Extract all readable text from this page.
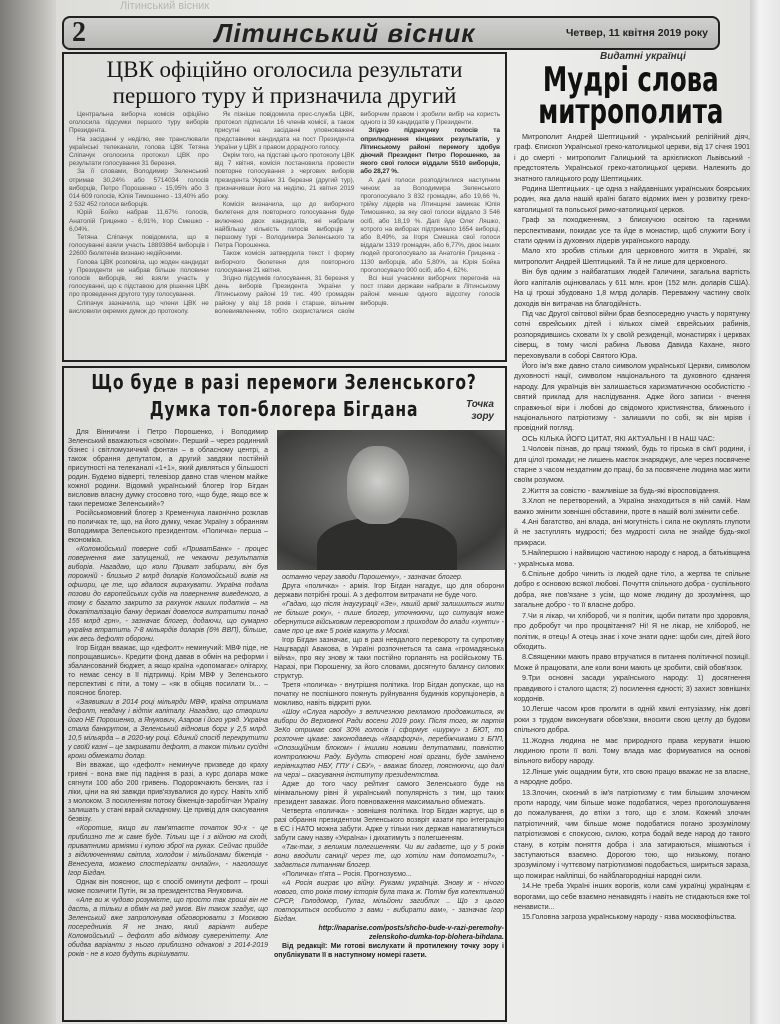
Літинський вісник
2	Літинський вісник	Четвер, 11 квітня 2019 року
ЦВК офіційно оголосила результати
першого туру й призначила другий

Центральна виборча комісія офіційно оголосила підсумки першого туру виборів Президента.

На засіданні у неділю, яке транслювали українські телеканали, голова ЦВК Тетяна Сліпачук оголосила протокол ЦВК про результати голосування 31 березня.

За її словами, Володимир Зеленський отримав 30,24% або 5714034 голосів виборців, Петро Порошенко - 15,95% або 3 014 609 голосів, Юлія Тимошенко - 13,40% або 2 532 452 голоси виборців.

Юрій Бойко набрав 11,67% голосів, Анатолій Гриценко - 6,91%, Ігор Смешко - 6,04%.

Тетяна Сліпачук повідомила, що в голосуванні взяли участь 18893864 виборців і 22600 бюлетенів визнано недійсними.

Голова ЦВК розповіла, що жоден кандидат у Президенти не набрав більше половини голосів виборців, які взяли участь у голосуванні, що є підставою для рішення ЦВК про проведення другого туру голосування.

Сліпачук зазначила, що члени ЦВК не висловили окремих думок до протоколу.

Як пізніше повідомила прес-служба ЦВК, протокол підписали 16 членів комісії, а також присутні на засіданні уповноважені представники кандидата на пост Президента України у ЦВК з правом дорадчого голосу.

Окрім того, на підставі цього протоколу ЦВК від 7 квітня, комісія постановила провести повторне голосування з чергових виборів президента України 31 березня (другий тур), призначивши його на неділю, 21 квітня 2019 року.

Комісія визначила, що до виборчого бюлетеня для повторного голосування буде включено двох кандидатів, які набрали найбільшу кількість голосів виборців у першому турі - Володимира Зеленського та Петра Порошенка.

Також комісія затвердила текст і форму виборчого бюлетеня для повторного голосування 21 квітня.

Згідно підсумків голосування, 31 березня у день виборів Президента України у Літинському районі 19 тис. 490 громадян району у віці 18 років і старше, вільним волевиявленням, тобто скористалися своїм виборчим правом і зробили вибір на користь одного із 39 кандидатів у Президенти.

Згідно підрахунку голосів та оприлюднення кінцевих результатів, у Літинському районі перемогу здобув діючий Президент Петро Порошенко, за якого свої голоси віддали 5510 виборців, або 28,27 %.

А далі голоси розподілилися наступним чином: за Володимира Зеленського проголосувало 3 832 громадян, або 19,66 %, трійку лідерів на Літинщині замикає Юлія Тимошенко, за яку свої голоси віддало 3 546 осіб, або 18,19 %. Далі йде Олег Ляшко, котрого на виборах підтримало 1654 виборці, або 8,49%, за Ігоря Смешка свої голоси віддали 1319 громадян, або 6,77%, двоє інших людей проголосувало за Анатолія Гриценка - 1130 виборців, або 5,80%, за Юрія Бойка проголосувало 900 осіб, або 4, 62%.

Всі інші учасники виборчих перегонів на пост глави держави набрали в Літинському районі менше одного відсотку голосів виборців.

Що буде в разі перемоги Зеленського?
Думка топ-блогера Бігдана	Точка
зору

Для Вінничини і Петро Порошенко, і Володимир Зеленський вважаються «своїми». Перший – через родинний бізнес і світломузичний фонтан – в обласному центрі, а також обрання депутатом, а другий завдяки постійній присутності на телеканалі «1+1», який дивляться у більшості родин. Будемо відверті, телевізор давно став членом майже кожної родини. Відомий український блогер Ігор Бігдан висловив власну думку стосовно того, «що буде, якщо все ж таки переможе Зеленський»?

Російськомовний блогер з Кременчука лаконічно розклав по поличках те, що, на його думку, чекає Україну з обранням Володимира Зеленського президентом. «Поличка» перша – економіка.

«Коломойський поверне собі «ПриватБанк» - процес повернення вже запущений, не чекаючи результатів виборів. Нагадаю, що коли Приват забирали, він був порожній - близько 2 млрд доларів Коломойський вивів на офшори, це те, що вдалося вирахувати. Україна подала позови до європейських судів на повернення виведеного, а тому є багато закрито за рахунок наших податків – на докапіталізацію банку державі довелося витратити понад 155 млрд грн», - зазначає блогер, додаючи, що сумарно україна втратить 7-8 мільярдів доларів (6% ВВП), більше, ніж весь дефолт оборони.

Ігор Бігдан вважає, що «дефолт» неминучий: МВФ піде, не попрощавшись». Кредити фонд давав в обмін на реформи і збалансований бюджет, а якщо країна «допомагає» олігарху, то немає сенсу в її підтримці. Крім МВФ у Зеленського перспективі є піти, а тому – «як в обіцяв посилати їх... – пояснює блогер.

«Заявивши в 2014 році мільярди МВФ, країна отримала дефолт, невдачу і відтік капіталу. Нагадаю, що створили його НЕ Порошенко, а Янукович, Азаров і його уряд. Україна стала банкрутом, а Зеленський відновив борг у 2,5 млрд. 10,5 мільярда – в 2020-му році. Єдиний спосіб перекрутити у своїй казні – це закривати дефолт, а також тільки сусідні кроки обмежати долар.

Він вважає, що «дефолт» неминуче призведе до краху гривні - вона вже під падіння в разі, а курс долара може сягнути 100 або 200 гривень. Подорожчають бензин, газ і ліки, ціни на які завжди прив'язувалися до курсу. Навіть хліб з молоком. З посиленням потоку біженців-заробітчан Україну залишать у стані вкрай складному. Це привід для скасування безвізу.

«Коротше, якщо ви пам'ятаєте початок 90-х - це приблизно те ж саме буде. Тільки ще і з війною на сході, приватними арміями і купою зброї на руках. Сейчас прийде з відключеннями світла, холодом і мільйонами біженців - Венесуела, можемо спостерігати онлайн», - наголошує Ігор Бігдан.

Однак він пояснює, що є спосіб оминути дефолт – гроші може позичити Путін, як за президентства Януковича.

«Але ви ж чудово розумієте, що просто так гроші він не дасть, а тільки в обмін на ряд умов. Він також згадує, що Зеленський вже запропонував обговорювати з Москвою посередників. Я не знаю, який варіант вибере Коломойський – дефолт або відмову суверенітету. Але обидва варіанти з нього приблизно однакові з 2014-2019 років - не в кого будуть вирішувати.

останню чергу заводи Порошенку», - зазначає блогер.

Друга «поличка» - армія. Ігор Бігдан нагадує, що для оборони держави потрібні гроші. А з дефолтом витрачати не буде чого.

«Гадаю, що після інаугурації «Зе», нашій армії залишиться жити не більше року», - пише блогер, уточнюючи, що ситуація може обернутися військовим переворотом з приходом до влади «хунти» - саме про це вже 5 років кажуть у Москві.

Ігор Бігдан зазначає, що в разі невдалого перевороту та супротиву Нацгвардії Авакова, в Україні розпочнеться та сама «громадянська війна», про яку знову ж таки постійно горланять на російському ТБ. Наразі, при Порошенку, за його словами, досягнуто балансу силових структур.

Третя «поличка» - внутрішня політика. Ігор Бігдан допускає, що на початку не поспішного пожнуть руйнування будинків корупціонерів, а можливо, навіть відкриті руки.

«Шоу «Слуга народу» з величезною рекламою продовжиться, як вибори до Верховної Ради восени 2019 року. Після того, як партія ЗеКо отримає свої 30% голосів і сформує «шурку» з БЮТ, то розпочне цікаве: законодавець «Кварфорчі», перебіжчиками з БПП, «Опозиційним блоком» і іншими новими депутатами, повністю контролюючи Раду. Будуть створені нові органи, буде замінено керівництво НБУ, ГПУ і СБУ», - вважає блогер, пояснюючи, що далі на черзі – скасування інституту президентства.

Адже до того часу рейтинг самого Зеленського буде на мінімальному рівні й український популярність з тим, що таких президент заважає. Його повноваження максимально обмежать.

Четверта «поличка» - зовнішня політика. Ігор Бігдан жартує, що в разі обрання президентом Зеленського возвріт казати про інтеграцію в ЄС і НАТО можна забути. Адже у тільки них держав намагатимуться забути саму назву «Україна» і дихатимуть з полегшенням.

«Так-так, з великим полегшенням. Чи ви гадаєте, що у 5 років вони вводили санкції через те, що хотіли нам допомогти?», - задається питанням блогер.

«Поличка» п'ята – Росія. Прогнозуємо...

«А Росія виграє цю війну. Руками українців. Знову ж - нічого нового, сто років тому історія була така ж. Потім був колективний СРСР, Голодомор, Гулаг, мільйони загиблих .. Що з цього повториться особисто з вами - вибирати вам», - зазначає Ігор Бігдан.

http://naparise.com/posts/shcho-bude-v-razi-peremohy-zelenskoho-dumka-top-blohera-bihdana.

Від редакції: Ми готові вислухати й протилежну точку зору і опублікувати її в наступному номері газети.

Видатні українці
Мудрі слова митрополита

Митрополит Андрей Шептицький - український релігійний діяч, граф. Єпископ Української греко-католицької церкви, від 17 січня 1901 і до смерті - митрополит Галицький та архієпископ Львівський - предстоятель Української греко-католицької церкви. Належить до знатного галицького роду Шептицьких.

Родина Шептицьких - це одна з найдавніших українських боярських родин, яка дала нашій країні багато відомих імен у розвитку греко-католицької та польської римо-католицької церков.

Граф за походженням, з блискучою освітою та гарними перспективами, покидає усе та йде в монастир, щоб служити Богу і стати одним із духовних лідерів українського народу.

Мало хто зробив стільки для церковного життя в Україні, як митрополит Андрей Шептицький. Та й не лише для церковного.

Він був одним з найбагатших людей Галичини, загальна вартість його капіталів оцінювалась у 611 млн. крон (152 млн. доларів США). На ці гроші збудовано 1,8 млрд доларів. Переважну частину своїх доходів він витрачав на благодійність.

Під час Другої світової війни брав безпосередню участь у порятунку сотні єврейських дітей і кількох сімей єврейських рабинів, розпорядившись сховати їх у своїй резиденції, монастирях і церквах сіверщ, в тому числі рабина Львова Давида Кахане, якого переховували в соборі Святого Юра.

Його ім'я вже давно стало символом української Церкви, символом духовності нації, символом національного та духовного єднання народу. Для українців він залишається харизматичною особистістю - святий приклад для наслідування. Адже його записи - вчення справжньої віри і любові до свідомого християнства, ближнього і національного патріотизму - залишили по собі, як він мріяв і провідний погляд.

ОСЬ КІЛЬКА ЙОГО ЦИТАТ, ЯКІ АКТУАЛЬНІ І В НАШ ЧАС:

1.Чоловік пізнав, до праці тяжкий, будь то гірська в сім'ї родини, і для цілої громади; не лишень маєток знаряджує, але через посвячене старне з часом нездатним до праці, бо за посвячене людина має жити своїм розумом.

2.Життя за совістю - важливіше за будь-які віросповідання.

3.Хлоп не перетворений, а Україна знаходиться в ній самій. Нам важко змінити зовнішні обставини, проте в нашій волі змінити себе.

4.Ані багатство, ані влада, ані могутність і сила не окуплять глупоти й не заступлять мудрості; без мудрості сила не знайде будь-якої прикраси.

5.Найпершою і найвищою частиною народу є народ, а батьківщина - українська мова.

6.Спільне добро чинить із людей одне тіло, а жертва те спільне добро є основою всякої любові. Почуття спільного добра - суспільного добра, яке пов'язане з усім, що може людину до зрозуміння, що загальне добро - то її власне добро.

7.Чи я лікар, чи хлібороб, чи я політик, щоби питати про здоровля, про добробут чи про процвітання? Ні! Я не лікар, не хлібороб, не політик, я отець! А отець знає і хоче знати одне: щоби син, дітей його обходить.

8.Священики мають право втручатися в питання політичної позиції. Може й працювати, але коли вони мають це зробити, свій обов'язок.

9.Три основні засади українського народу: 1) досягнення правдивого і сталого щастя; 2) посилення єдності; 3) захист зовнішніх кордонів.

10.Легше часом кров пролити в одній хвилі ентузіазму, ніж довгі роки з трудом виконувати обов'язки, вносити свою цеглу до будови спільного добра.

11.Жодна людина не має природного права керувати іншою людиною проти її волі. Тому влада має формуватися на основі вільного вибору народу.

12.Лінше уміє ощадним бути, хто свою працю вважає не за власне, а народне добро.

13.Злочин, скоєний в ім'я патріотизму є тим більшим злочином проти народу, чим більше може подобатися, через проголошування до пожалування, до втіхи з того, що є злом. Кожний злочин патріотичний, чим більше може подобатися погано зрозумілому патріотизмові є спокусою, силою, котра бодай веде народ до такого стану, в котрім поняття добра і зла затираються, мішаються і заступаються взаємно. Дорогою тою, що низькому, погано зрозумілому і чуттєвому патріотизмові подобається, шириться зараза, що пожирає найліпші, бо найблагородніші народні сили.

14.Не треба Україні інших ворогів, коли самі українці українцям є ворогами, що себе взаємно ненавидять і навіть не стидаються вже тої ненависти...

15.Головна загроза українському народу - язва москвофільства.
